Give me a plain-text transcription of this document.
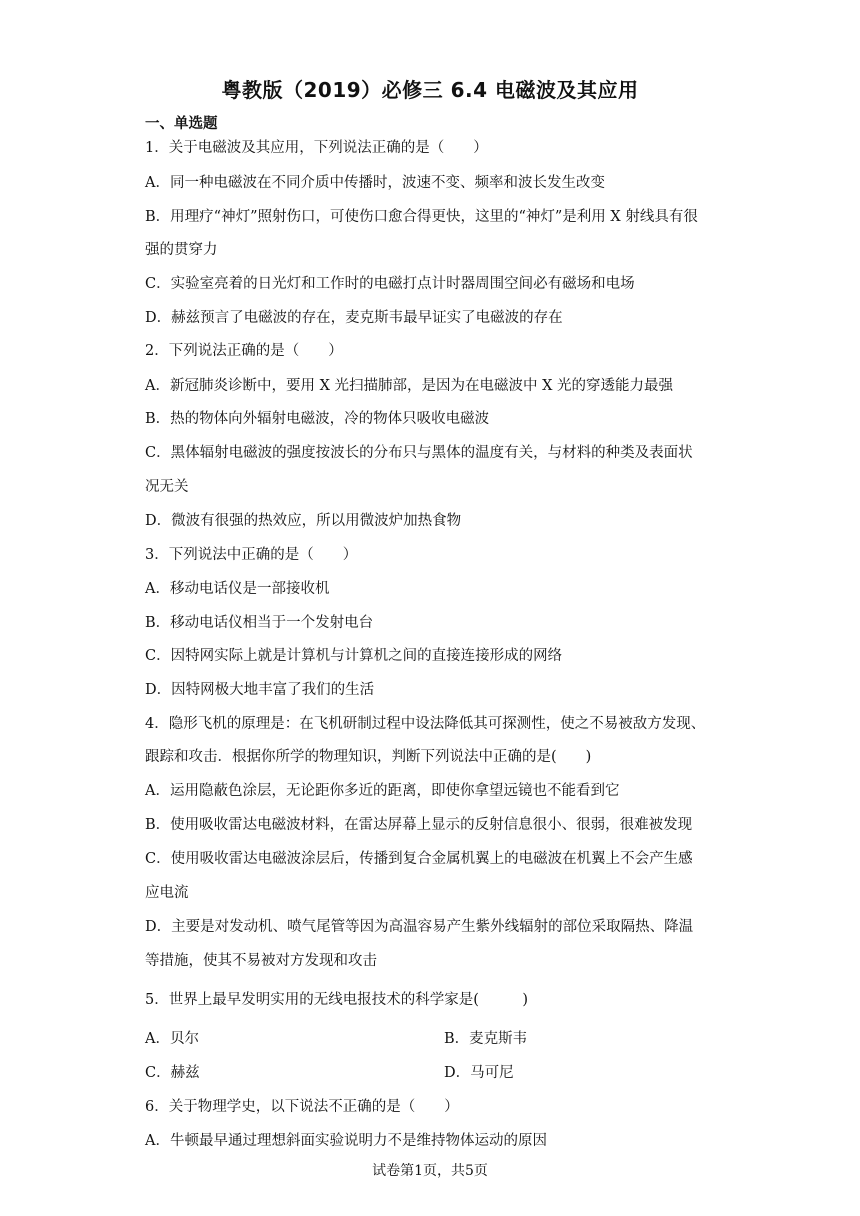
粤教版（2019）必修三 6.4 电磁波及其应用
一、单选题
1．关于电磁波及其应用，下列说法正确的是（　　）
A．同一种电磁波在不同介质中传播时，波速不变、频率和波长发生改变
B．用理疗“神灯”照射伤口，可使伤口愈合得更快，这里的“神灯”是利用 X 射线具有很
强的贯穿力
C．实验室亮着的日光灯和工作时的电磁打点计时器周围空间必有磁场和电场
D．赫兹预言了电磁波的存在，麦克斯韦最早证实了电磁波的存在
2．下列说法正确的是（　　）
A．新冠肺炎诊断中，要用 X 光扫描肺部，是因为在电磁波中 X 光的穿透能力最强
B．热的物体向外辐射电磁波，冷的物体只吸收电磁波
C．黑体辐射电磁波的强度按波长的分布只与黑体的温度有关，与材料的种类及表面状
况无关
D．微波有很强的热效应，所以用微波炉加热食物
3．下列说法中正确的是（　　）
A．移动电话仪是一部接收机
B．移动电话仪相当于一个发射电台
C．因特网实际上就是计算机与计算机之间的直接连接形成的网络
D．因特网极大地丰富了我们的生活
4．隐形飞机的原理是：在飞机研制过程中设法降低其可探测性，使之不易被敌方发现、
跟踪和攻击．根据你所学的物理知识，判断下列说法中正确的是(　　)
A．运用隐蔽色涂层，无论距你多近的距离，即使你拿望远镜也不能看到它
B．使用吸收雷达电磁波材料，在雷达屏幕上显示的反射信息很小、很弱，很难被发现
C．使用吸收雷达电磁波涂层后，传播到复合金属机翼上的电磁波在机翼上不会产生感
应电流
D．主要是对发动机、喷气尾管等因为高温容易产生紫外线辐射的部位采取隔热、降温
等措施，使其不易被对方发现和攻击
5．世界上最早发明实用的无线电报技术的科学家是(　　　)
A．贝尔	B．麦克斯韦
C．赫兹	D．马可尼
6．关于物理学史，以下说法不正确的是（　　）
A．牛顿最早通过理想斜面实验说明力不是维持物体运动的原因
试卷第1页，共5页
